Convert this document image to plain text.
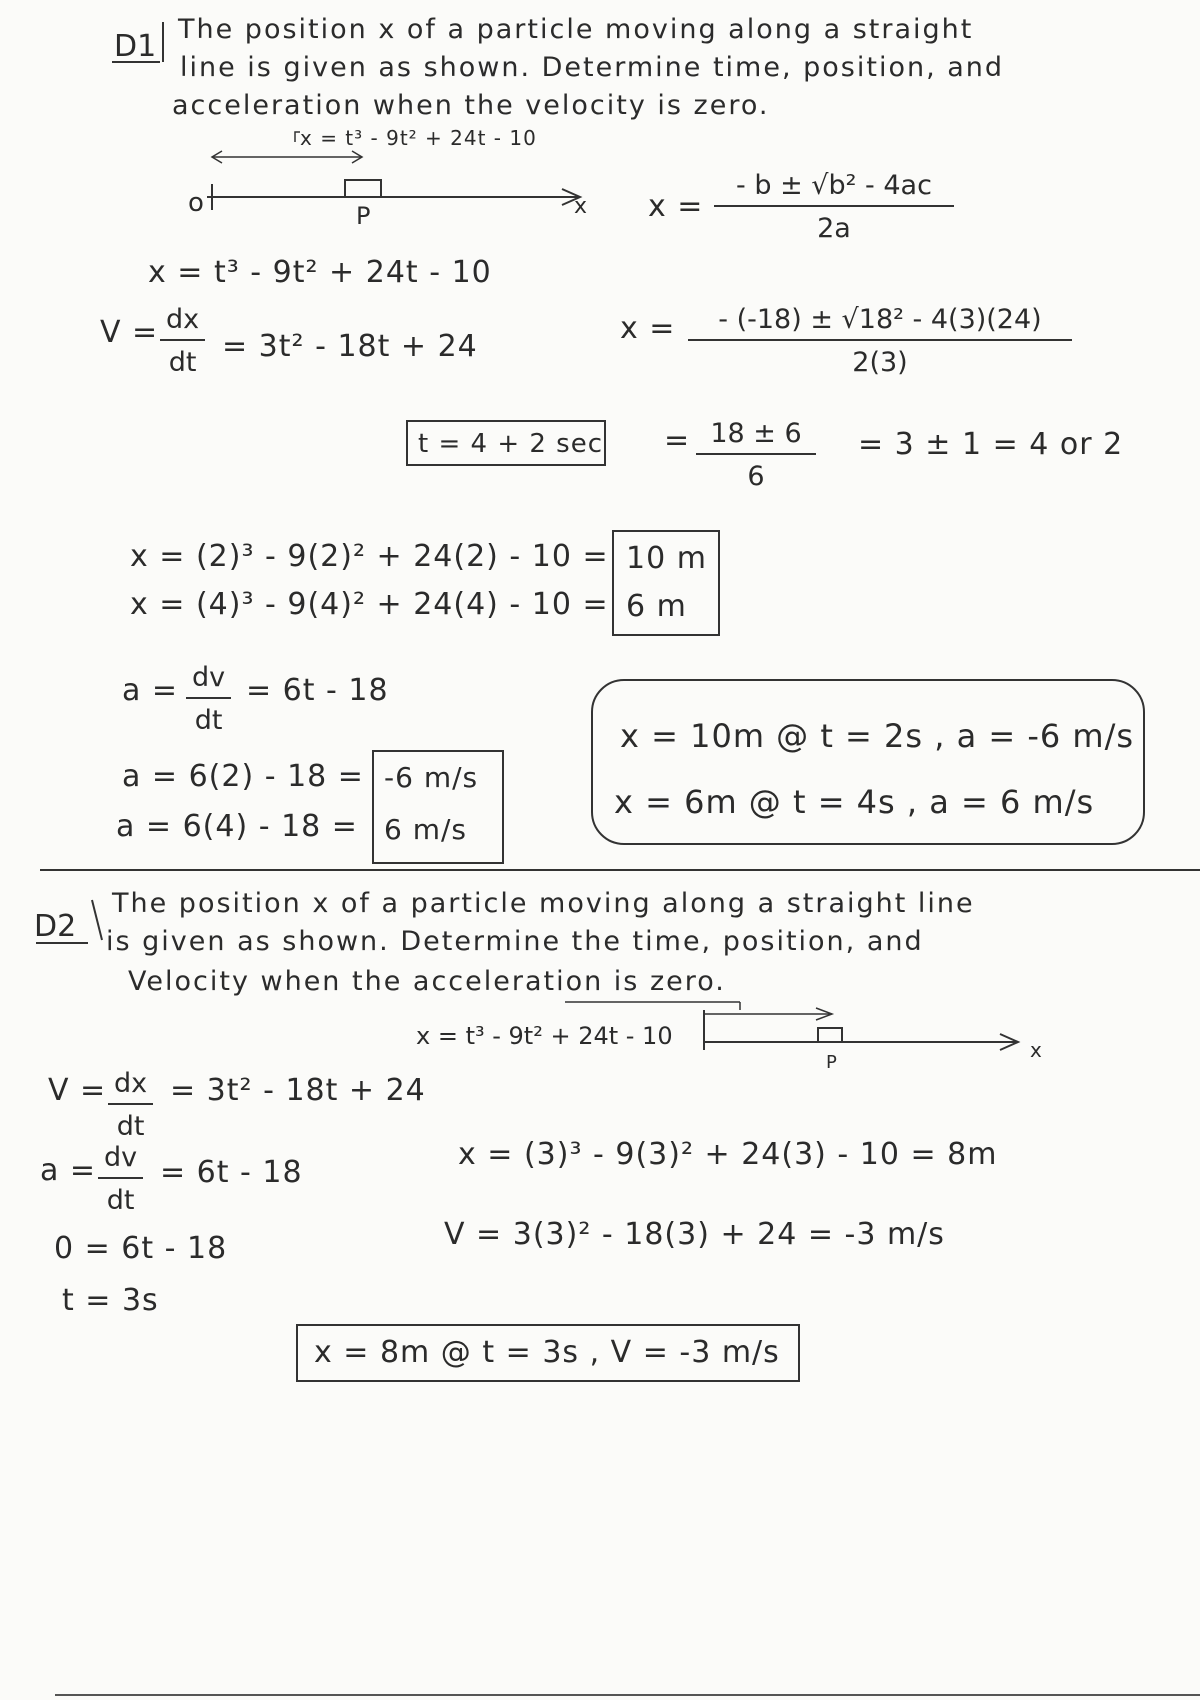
D1 The position x of a particle moving along a straight
line is given as shown. Determine time, position, and
acceleration when the velocity is zero.
x = t³ - 9t² + 24t - 10
o	P	x
x = t³ - 9t² + 24t - 10
V = dx
dt = 3t² - 18t + 24
x =
- b ± √b² - 4ac
2a
x =	- (-18) ± √18² - 4(3)(24)
2(3)
t = 4 + 2 sec = 18 ± 6
6
= 3 ± 1 = 4 or 2
x = (2)³ - 9(2)² + 24(2) - 10 =
x = (4)³ - 9(4)² + 24(4) - 10 =
10 m
6 m
a = dv
dt
= 6t - 18
a = 6(2) - 18 =
a = 6(4) - 18 =
-6 m/s
6 m/s
x = 10m @ t = 2s , a = -6 m/s
x = 6m @ t = 4s , a = 6 m/s
D2
The position x of a particle moving along a straight line
is given as shown. Determine the time, position, and
Velocity when the acceleration is zero.
x = t³ - 9t² + 24t - 10
P
x
V = dx
dt
= 3t² - 18t + 24
a = dv
dt
= 6t - 18
x = (3)³ - 9(3)² + 24(3) - 10 = 8m
V = 3(3)² - 18(3) + 24 = -3 m/s
0 = 6t - 18
t = 3s
x = 8m @ t = 3s , V = -3 m/s
